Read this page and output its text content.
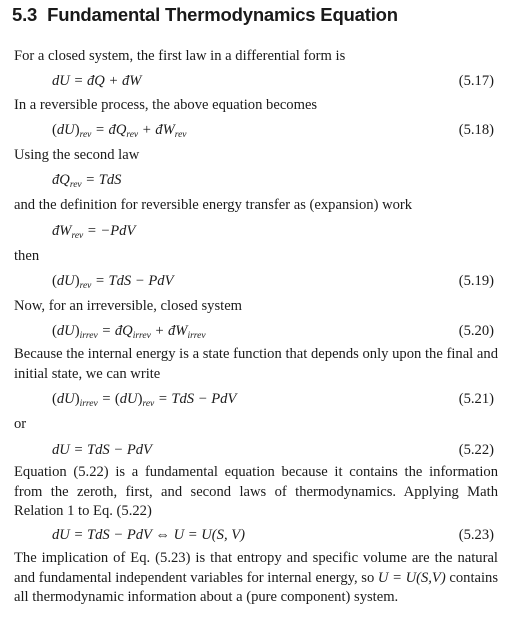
5.3 Fundamental Thermodynamics Equation
For a closed system, the first law in a differential form is
dU = đQ + đW	(5.17)
In a reversible process, the above equation becomes
$(dU)_{rev}$ = $đQ_{rev}$ + $đW_{rev}$	(5.18)
Using the second law
$đQ_{rev}$ = TdS
and the definition for reversible energy transfer as (expansion) work
$đW_{rev} = -PdV$
then
$(dU)_{rev}$ = TdS − PdV	(5.19)
Now, for an irreversible, closed system
$(dU)_{irrev}$ = $đQ_{irrev}$ + $đW_{irrev}$	(5.20)
Because the internal energy is a state function that depends only upon the final and initial state, we can write
$(dU)_{irrev} = (dU)_{rev}$ = TdS − PdV	(5.21)
or
dU = TdS − PdV	(5.22)
Equation (5.22) is a fundamental equation because it contains the information from the zeroth, first, and second laws of thermodynamics. Applying Math Relation 1 to Eq. (5.22)
dU = TdS − PdV ⇔ U = U(S, V)	(5.23)
The implication of Eq. (5.23) is that entropy and specific volume are the natural and fundamental independent variables for internal energy, so U = U(S,V) contains all thermodynamic information about a (pure component) system.
